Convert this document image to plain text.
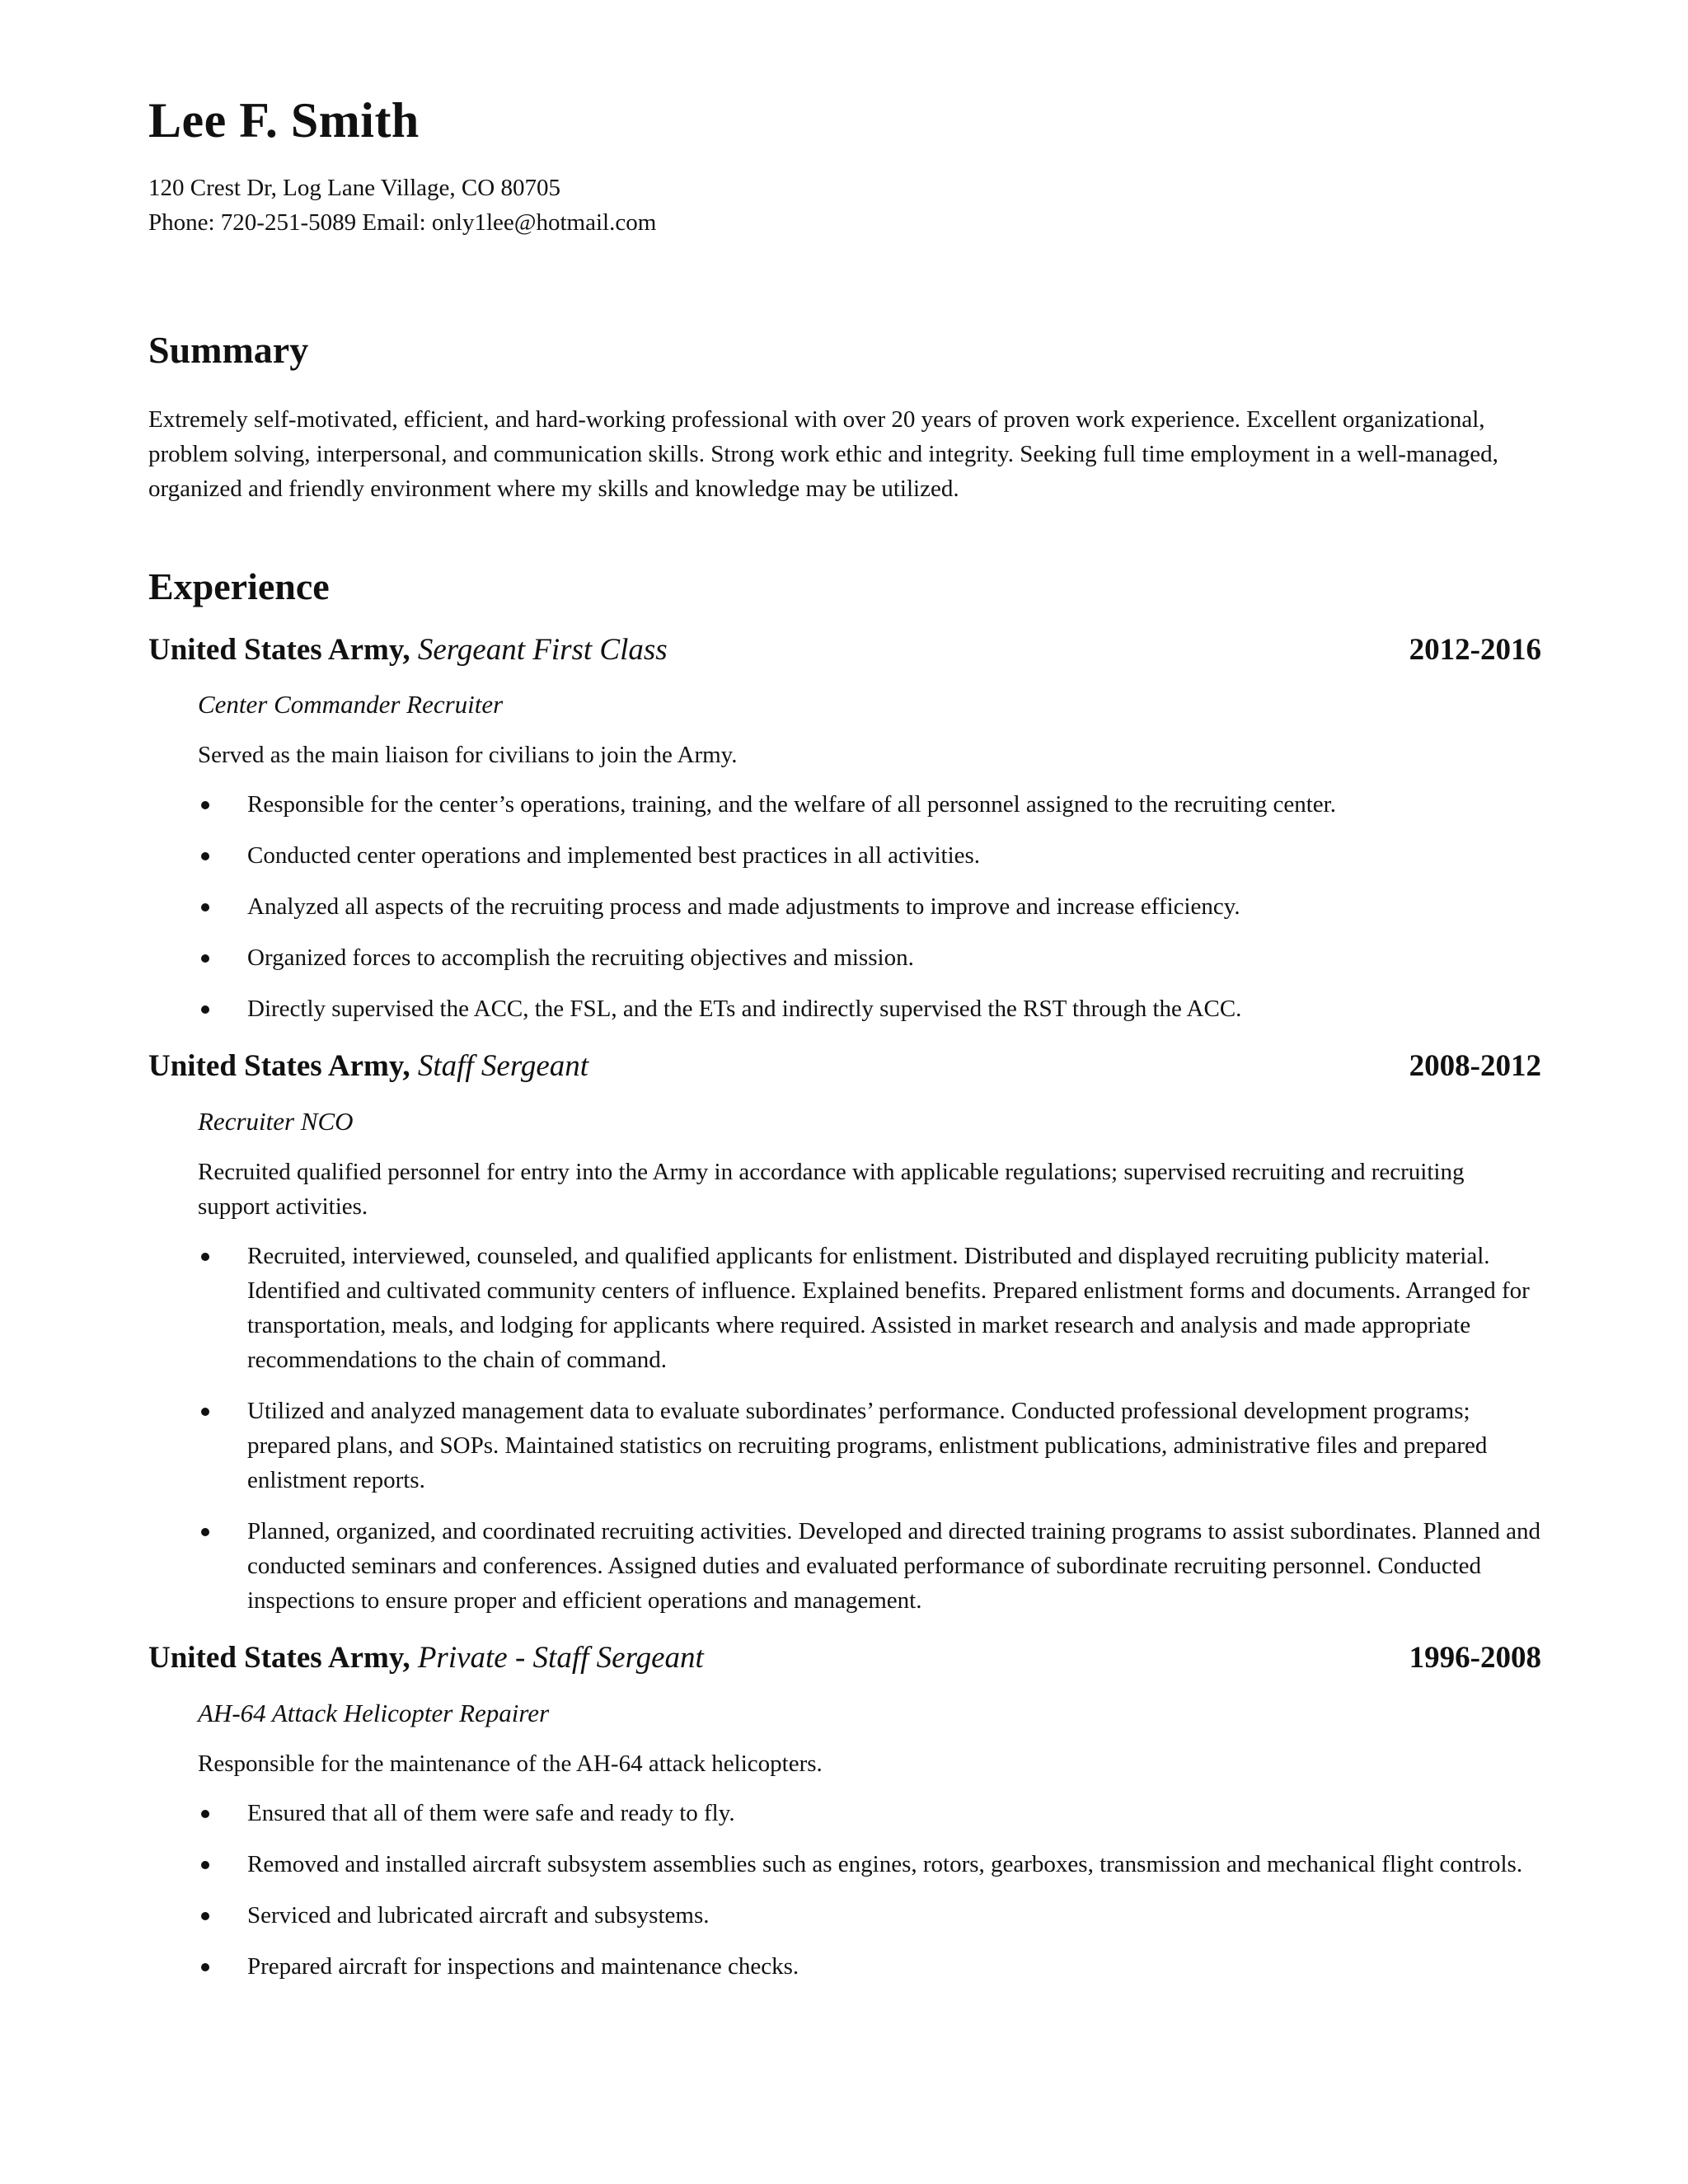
Lee F. Smith
120 Crest Dr, Log Lane Village, CO 80705
Phone: 720-251-5089 Email: only1lee@hotmail.com
Summary
Extremely self-motivated, efficient, and hard-working professional with over 20 years of proven work experience. Excellent organizational, problem solving, interpersonal, and communication skills. Strong work ethic and integrity. Seeking full time employment in a well-managed, organized and friendly environment where my skills and knowledge may be utilized.
Experience
United States Army, Sergeant First Class	2012-2016
Center Commander Recruiter
Served as the main liaison for civilians to join the Army.
Responsible for the center’s operations, training, and the welfare of all personnel assigned to the recruiting center.
Conducted center operations and implemented best practices in all activities.
Analyzed all aspects of the recruiting process and made adjustments to improve and increase efficiency.
Organized forces to accomplish the recruiting objectives and mission.
Directly supervised the ACC, the FSL, and the ETs and indirectly supervised the RST through the ACC.
United States Army, Staff Sergeant	2008-2012
Recruiter NCO
Recruited qualified personnel for entry into the Army in accordance with applicable regulations; supervised recruiting and recruiting support activities.
Recruited, interviewed, counseled, and qualified applicants for enlistment. Distributed and displayed recruiting publicity material. Identified and cultivated community centers of influence. Explained benefits. Prepared enlistment forms and documents. Arranged for transportation, meals, and lodging for applicants where required. Assisted in market research and analysis and made appropriate recommendations to the chain of command.
Utilized and analyzed management data to evaluate subordinates’ performance. Conducted professional development programs; prepared plans, and SOPs. Maintained statistics on recruiting programs, enlistment publications, administrative files and prepared enlistment reports.
Planned, organized, and coordinated recruiting activities. Developed and directed training programs to assist subordinates. Planned and conducted seminars and conferences. Assigned duties and evaluated performance of subordinate recruiting personnel. Conducted inspections to ensure proper and efficient operations and management.
United States Army, Private - Staff Sergeant	1996-2008
AH-64 Attack Helicopter Repairer
Responsible for the maintenance of the AH-64 attack helicopters.
Ensured that all of them were safe and ready to fly.
Removed and installed aircraft subsystem assemblies such as engines, rotors, gearboxes, transmission and mechanical flight controls.
Serviced and lubricated aircraft and subsystems.
Prepared aircraft for inspections and maintenance checks.
